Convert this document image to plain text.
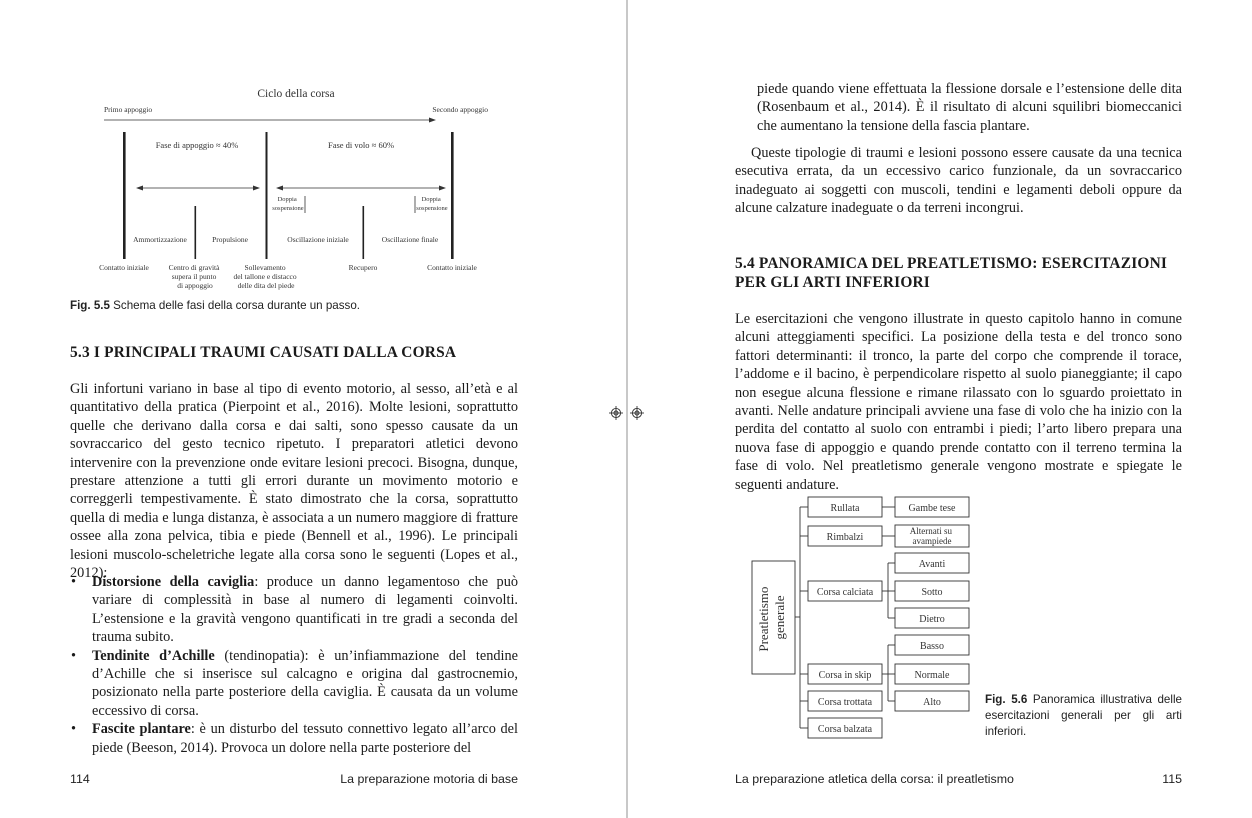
Ciclo della corsa
Primo appoggio	Secondo appoggio
Fase di appoggio ≈ 40%	Fase di volo ≈ 60%
Doppia sospensione
Doppia sospensione
Ammortizzazione	Propulsione	Oscillazione iniziale	Oscillazione finale
Contatto iniziale	Centro di gravità supera il punto di appoggio
Sollevamento del tallone e distacco delle dita del piede
Recupero	Contatto iniziale
Fig. 5.5 Schema delle fasi della corsa durante un passo.
5.3 I PRINCIPALI TRAUMI CAUSATI DALLA CORSA

Gli infortuni variano in base al tipo di evento motorio, al sesso, all’età e al quantitativo della pratica (Pierpoint et al., 2016). Molte lesioni, soprattutto quelle che derivano dalla corsa e dai salti, sono spesso causate da un sovraccarico del gesto tecnico ripetuto. I preparatori atletici devono intervenire con la prevenzione onde evitare lesioni precoci. Bisogna, dunque, prestare attenzione a tutti gli errori durante un movimento motorio e correggerli tempestivamente. È stato dimostrato che la corsa, soprattutto quella di media e lunga distanza, è associata a un numero maggiore di fratture ossee alla zona pelvica, tibia e piede (Bennell et al., 1996). Le principali lesioni muscolo-scheletriche legate alla corsa sono le seguenti (Lopes et al., 2012):

• Distorsione della caviglia: produce un danno legamentoso che può variare di complessità in base al numero di legamenti coinvolti. L’estensione e la gravità vengono quantificati in tre gradi a seconda del trauma subito.
• Tendinite d’Achille (tendinopatia): è un’infiammazione del tendine d’Achille che si inserisce sul calcagno e origina dal gastrocnemio, posizionato nella parte posteriore della caviglia. È causata da un volume eccessivo di corsa.
• Fascite plantare: è un disturbo del tessuto connettivo legato all’arco del piede (Beeson, 2014). Provoca un dolore nella parte posteriore del
114	La preparazione motoria di base

piede quando viene effettuata la flessione dorsale e l’estensione delle dita (Rosenbaum et al., 2014). È il risultato di alcuni squilibri biomeccanici che aumentano la tensione della fascia plantare.

Queste tipologie di traumi e lesioni possono essere causate da una tecnica esecutiva errata, da un eccessivo carico funzionale, da un sovraccarico inadeguato ai soggetti con muscoli, tendini e legamenti deboli oppure da alcune calzature inadeguate o da terreni incongrui.

5.4 PANORAMICA DEL PREATLETISMO: ESERCITAZIONI PER GLI ARTI INFERIORI

Le esercitazioni che vengono illustrate in questo capitolo hanno in comune alcuni atteggiamenti specifici. La posizione della testa e del tronco sono fattori determinanti: il tronco, la parte del corpo che comprende il torace, l’addome e il bacino, è perpendicolare rispetto al suolo pianeggiante; il capo non esegue alcuna flessione e rimane rilassato con lo sguardo proiettato in avanti. Nelle andature principali avviene una fase di volo che ha inizio con la perdita del contatto al suolo con entrambi i piedi; l’arto libero prepara una nuova fase di appoggio e quando prende contatto con il terreno termina la fase di volo. Nel preatletismo generale vengono mostrate e spiegate le seguenti andature.

Preatletismo generale
Rullata
Rimbalzi
Corsa calciata
Corsa in skip
Corsa trottata
Corsa balzata
Gambe tese
Alternati su avampiede
Avanti
Sotto
Dietro
Basso
Normale
Alto	Fig. 5.6 Panoramica illustrativa delle esercitazioni generali per gli arti inferiori.
La preparazione atletica della corsa: il preatletismo	115
